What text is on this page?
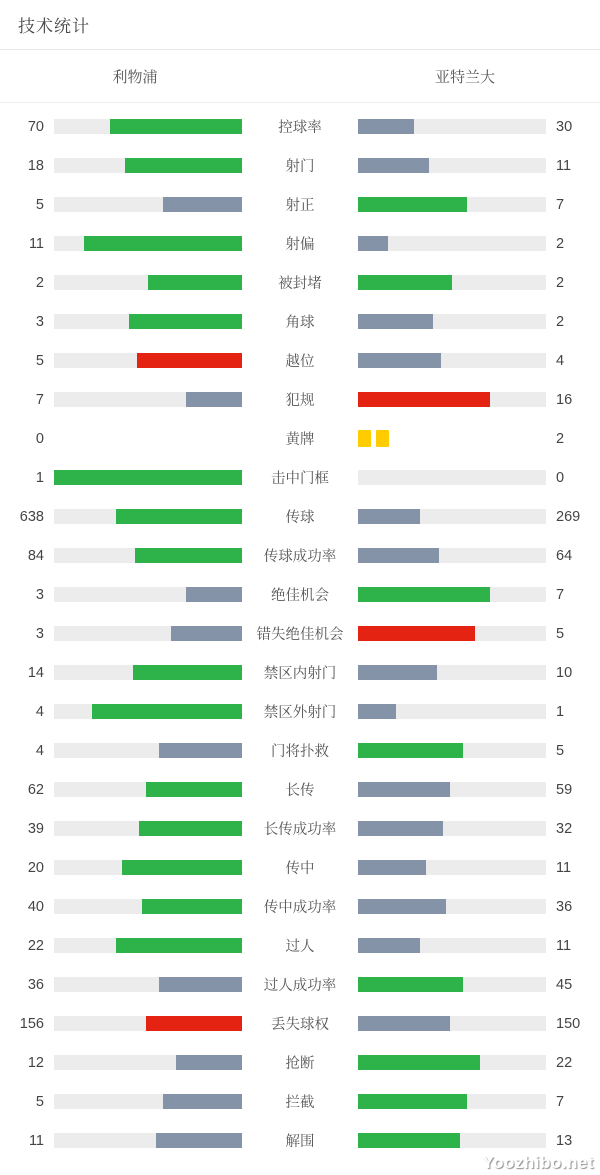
技术统计
利物浦	亚特兰大
70	控球率	30
18	射门	11
5	射正	7
11	射偏	2
2	被封堵	2
3	角球	2
5	越位	4
7	犯规	16
0	黄牌	2
1	击中门框	0
638	传球	269
84	传球成功率	64
3	绝佳机会	7
3	错失绝佳机会	5
14	禁区内射门	10
4	禁区外射门	1
4	门将扑救	5
62	长传	59
39	长传成功率	32
20	传中	11
40	传中成功率	36
22	过人	11
36	过人成功率	45
156	丢失球权	150
12	抢断	22
5	拦截	7
11	解围	13
Yoozhibo.net
